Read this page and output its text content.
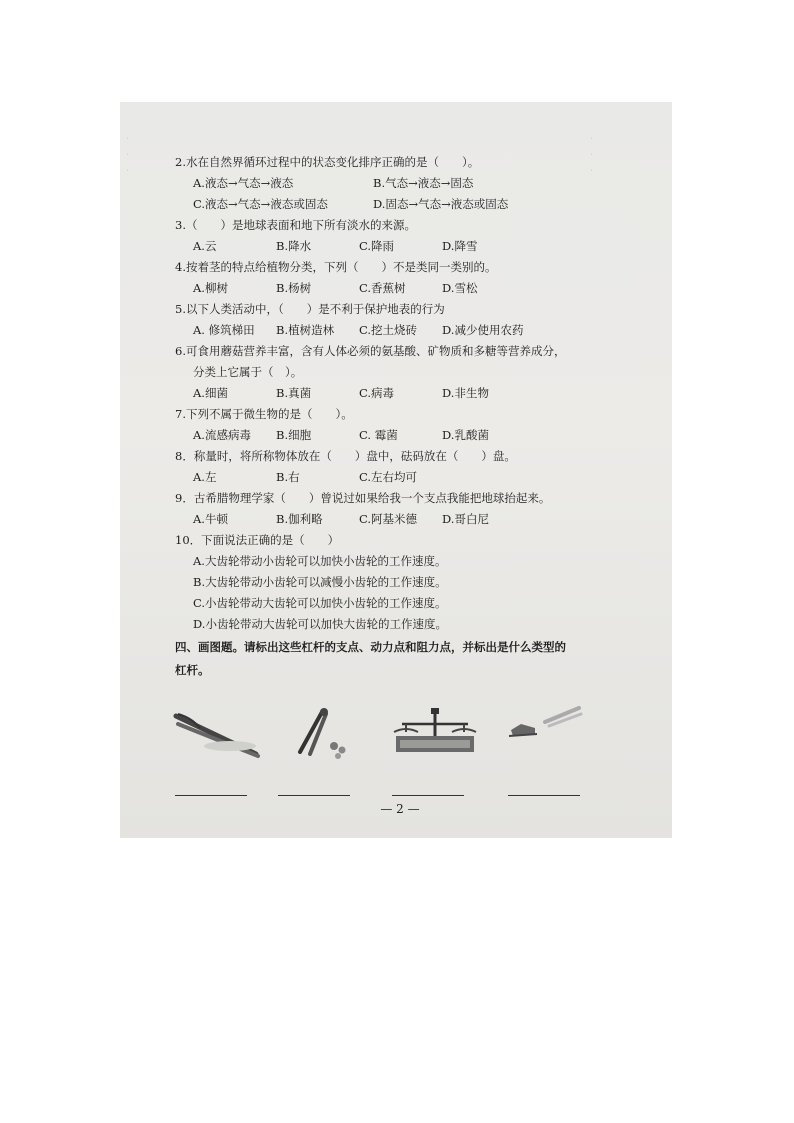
·
·
·
·
·
·
2.水在自然界循环过程中的状态变化排序正确的是（　　）。
A.液态→气态→液态	B.气态→液态→固态
C.液态→气态→液态或固态	D.固态→气态→液态或固态
3.（　　）是地球表面和地下所有淡水的来源。
A.云	B.降水	C.降雨	D.降雪
4.按着茎的特点给植物分类，下列（　　）不是类同一类别的。
A.柳树	B.杨树	C.香蕉树	D.雪松
5.以下人类活动中，（　　）是不利于保护地表的行为
A. 修筑梯田	B.植树造林	C.挖土烧砖	D.减少使用农药
6.可食用蘑菇营养丰富，含有人体必须的氨基酸、矿物质和多糖等营养成分，
分类上它属于（　）。
A.细菌	B.真菌	C.病毒	D.非生物
7.下列不属于微生物的是（　　）。
A.流感病毒	B.细胞	C. 霉菌	D.乳酸菌
8．称量时，将所称物体放在（　　）盘中，砝码放在（　　）盘。
A.左	B.右	C.左右均可
9．古希腊物理学家（　　）曾说过如果给我一个支点我能把地球抬起来。
A.牛顿	B.伽利略	C.阿基米德	D.哥白尼
10．下面说法正确的是（　　）
A.大齿轮带动小齿轮可以加快小齿轮的工作速度。
B.大齿轮带动小齿轮可以减慢小齿轮的工作速度。
C.小齿轮带动大齿轮可以加快小齿轮的工作速度。
D.小齿轮带动大齿轮可以加快大齿轮的工作速度。
四、画图题。请标出这些杠杆的支点、动力点和阻力点，并标出是什么类型的
杠杆。
— 2 —
